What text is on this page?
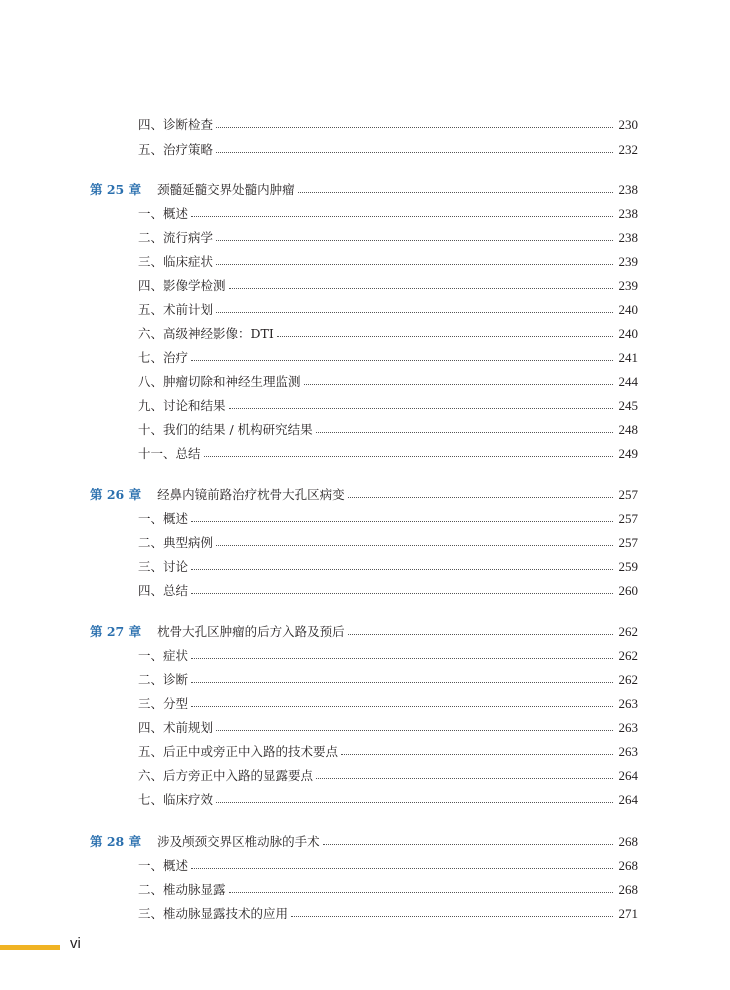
四、诊断检查	230
五、治疗策略	232
第 25 章 颈髓延髓交界处髓内肿瘤	238
一、概述	238
二、流行病学	238
三、临床症状	239
四、影像学检测	239
五、术前计划	240
六、高级神经影像：DTI	240
七、治疗	241
八、肿瘤切除和神经生理监测	244
九、讨论和结果	245
十、我们的结果 / 机构研究结果	248
十一、总结	249
第 26 章 经鼻内镜前路治疗枕骨大孔区病变	257
一、概述	257
二、典型病例	257
三、讨论	259
四、总结	260
第 27 章 枕骨大孔区肿瘤的后方入路及预后	262
一、症状	262
二、诊断	262
三、分型	263
四、术前规划	263
五、后正中或旁正中入路的技术要点	263
六、后方旁正中入路的显露要点	264
七、临床疗效	264
第 28 章 涉及颅颈交界区椎动脉的手术	268
一、概述	268
二、椎动脉显露	268
三、椎动脉显露技术的应用	271
vi
